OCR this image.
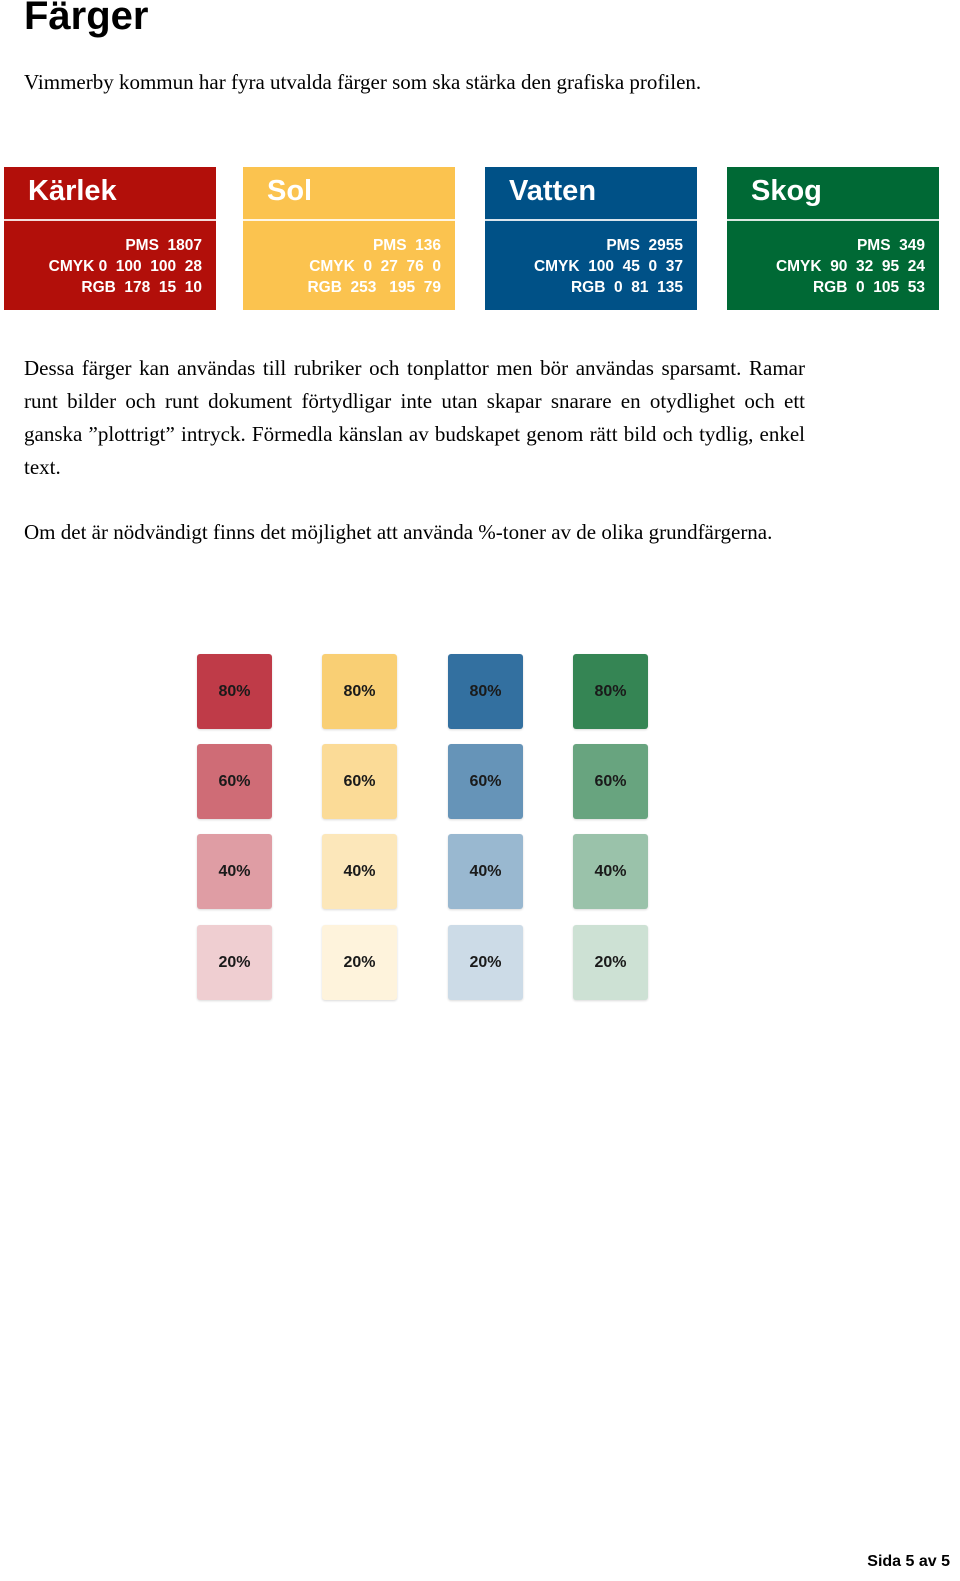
Färger

Vimmerby kommun har fyra utvalda färger som ska stärka den grafiska profilen.

Kärlek
PMS  1807
CMYK 0  100  100  28
RGB  178  15  10
Sol
PMS  136
CMYK  0  27  76  0
RGB  253   195  79
Vatten
PMS  2955
CMYK  100  45  0  37
RGB  0  81  135
Skog
PMS  349
CMYK  90  32  95  24
RGB  0  105  53

Dessa färger kan användas till rubriker och tonplattor men bör användas sparsamt. Ramar runt bilder och runt dokument förtydligar inte utan skapar snarare en otydlighet och ett ganska ”plottrigt” intryck. Förmedla känslan av budskapet genom rätt bild och tydlig, enkel text.

Om det är nödvändigt finns det möjlighet att använda %-toner av de olika grundfärgerna.

80%
60%
40%
20%
80%
60%
40%
20%
80%
60%
40%
20%
80%
60%
40%
20%
Sida 5 av 5
